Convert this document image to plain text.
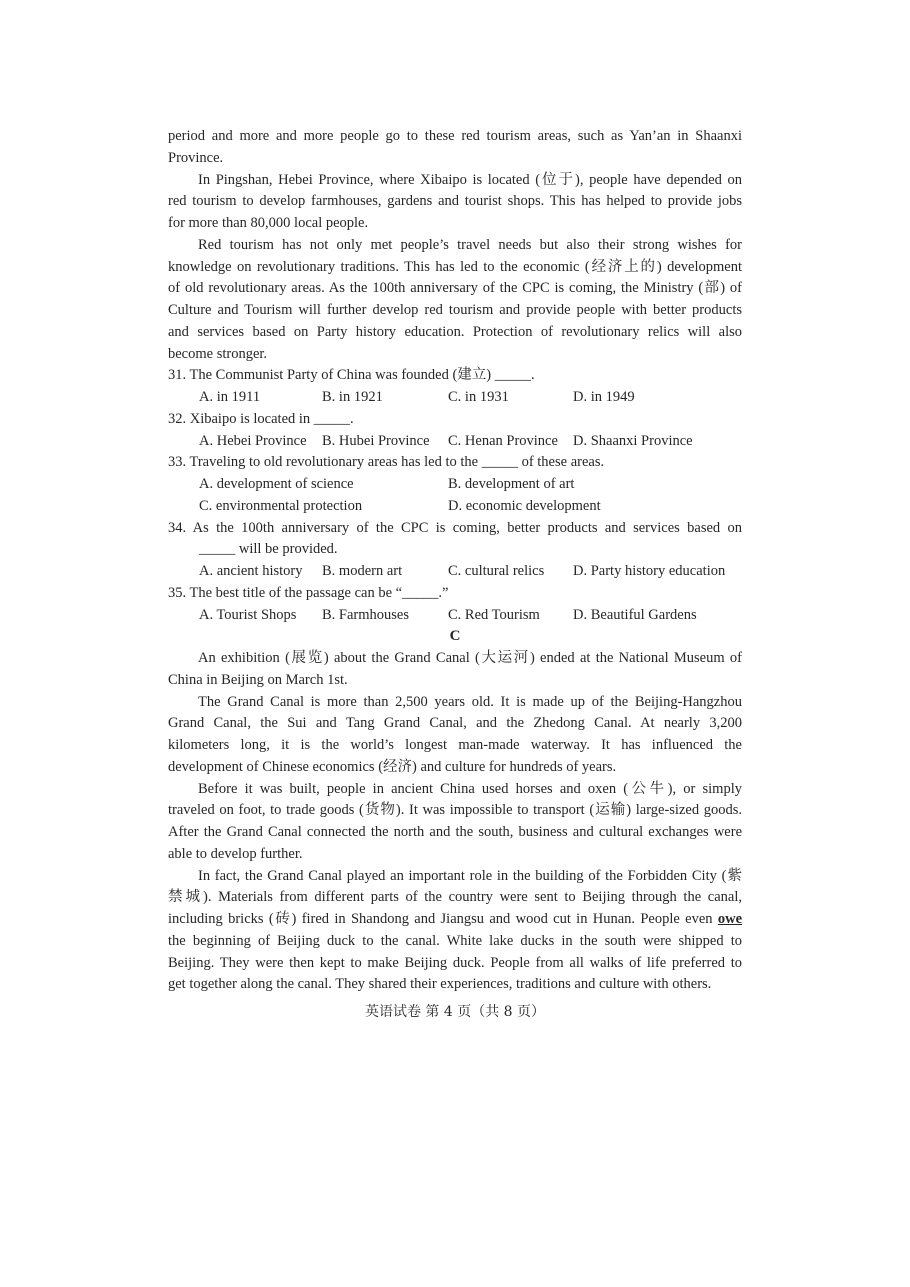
period and more and more people go to these red tourism areas, such as Yan’an in Shaanxi
Province.
In Pingshan, Hebei Province, where Xibaipo is located (位于), people have depended on
red tourism to develop farmhouses, gardens and tourist shops. This has helped to provide jobs
for more than 80,000 local people.
Red tourism has not only met people’s travel needs but also their strong wishes for
knowledge on revolutionary traditions. This has led to the economic (经济上的) development
of old revolutionary areas. As the 100th anniversary of the CPC is coming, the Ministry (部) of
Culture and Tourism will further develop red tourism and provide people with better products
and services based on Party history education. Protection of revolutionary relics will also
become stronger.
31. The Communist Party of China was founded (建立) _____.
A. in 1911	B. in 1921	C. in 1931	D. in 1949
32. Xibaipo is located in _____.
A. Hebei Province B. Hubei Province C. Henan Province D. Shaanxi Province
33. Traveling to old revolutionary areas has led to the _____ of these areas.
A. development of science	B. development of art
C. environmental protection	D. economic development
34. As the 100th anniversary of the CPC is coming, better products and services based on
_____ will be provided.
A. ancient history B. modern art	C. cultural relics D. Party history education
35. The best title of the passage can be “_____.”
A. Tourist Shops B. Farmhouses	C. Red Tourism D. Beautiful Gardens
C
An exhibition (展览) about the Grand Canal (大运河) ended at the National Museum of
China in Beijing on March 1st.
The Grand Canal is more than 2,500 years old. It is made up of the Beijing-Hangzhou
Grand Canal, the Sui and Tang Grand Canal, and the Zhedong Canal. At nearly 3,200
kilometers long, it is the world’s longest man-made waterway. It has influenced the
development of Chinese economics (经济) and culture for hundreds of years.
Before it was built, people in ancient China used horses and oxen (公牛), or simply
traveled on foot, to trade goods (货物). It was impossible to transport (运输) large-sized goods.
After the Grand Canal connected the north and the south, business and cultural exchanges were
able to develop further.
In fact, the Grand Canal played an important role in the building of the Forbidden City (紫
禁城). Materials from different parts of the country were sent to Beijing through the canal,
including bricks (砖) fired in Shandong and Jiangsu and wood cut in Hunan. People even owe
the beginning of Beijing duck to the canal. White lake ducks in the south were shipped to
Beijing. They were then kept to make Beijing duck. People from all walks of life preferred to
get together along the canal. They shared their experiences, traditions and culture with others.
英语试卷 第 4 页（共 8 页）
